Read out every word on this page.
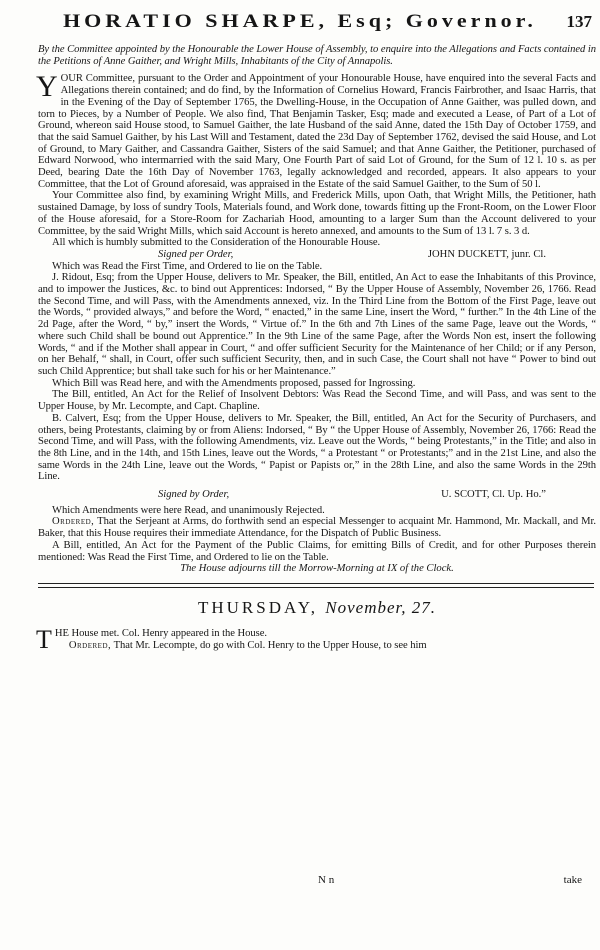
HORATIO SHARPE, Esq; Governor.	137

By the Committee appointed by the Honourable the Lower House of Assembly, to enquire into the Allegations and Facts contained in the Petitions of Anne Gaither, and Wright Mills, Inhabitants of the City of Annapolis.

YOUR Committee, pursuant to the Order and Appointment of your Honourable House, have enquired into the several Facts and Allegations therein contained; and do find, by the Information of Cornelius Howard, Francis Fairbrother, and Isaac Harris, that in the Evening of the Day of September 1765, the Dwelling-House, in the Occupation of Anne Gaither, was pulled down, and torn to Pieces, by a Number of People. We also find, That Benjamin Tasker, Esq; made and executed a Lease, of Part of a Lot of Ground, whereon said House stood, to Samuel Gaither, the late Husband of the said Anne, dated the 15th Day of October 1759, and that the said Samuel Gaither, by his Last Will and Testament, dated the 23d Day of September 1762, devised the said House, and Lot of Ground, to Mary Gaither, and Cassandra Gaither, Sisters of the said Samuel; and that Anne Gaither, the Petitioner, purchased of Edward Norwood, who intermarried with the said Mary, One Fourth Part of said Lot of Ground, for the Sum of 12 l. 10 s. as per Deed, bearing Date the 16th Day of November 1763, legally acknowledged and recorded, appears. It also appears to your Committee, that the Lot of Ground aforesaid, was appraised in the Estate of the said Samuel Gaither, to the Sum of 50 l.

Your Committee also find, by examining Wright Mills, and Frederick Mills, upon Oath, that Wright Mills, the Petitioner, hath sustained Damage, by loss of sundry Tools, Materials found, and Work done, towards fitting up the Front-Room, on the Lower Floor of the House aforesaid, for a Store-Room for Zachariah Hood, amounting to a larger Sum than the Account delivered to your Committee, by the said Wright Mills, which said Account is hereto annexed, and amounts to the Sum of 13 l. 7 s. 3 d.

All which is humbly submitted to the Consideration of the Honourable House.

Signed per Order,	JOHN DUCKETT, junr. Cl.

Which was Read the First Time, and Ordered to lie on the Table.

J. Ridout, Esq; from the Upper House, delivers to Mr. Speaker, the Bill, entitled, An Act to ease the Inhabitants of this Province, and to impower the Justices, &c. to bind out Apprentices: Indorsed, “ By the Upper House of Assembly, November 26, 1766. Read the Second Time, and will Pass, with the Amendments annexed, viz. In the Third Line from the Bottom of the First Page, leave out the Words, “ provided always,” and before the Word, “ enacted,” in the same Line, insert the Word, “ further.” In the 4th Line of the 2d Page, after the Word, “ by,” insert the Words, “ Virtue of.” In the 6th and 7th Lines of the same Page, leave out the Words, “ where such Child shall be bound out Apprentice.” In the 9th Line of the same Page, after the Words Non est, insert the following Words, “ and if the Mother shall appear in Court, “ and offer sufficient Security for the Maintenance of her Child; or if any Person, on her Behalf, “ shall, in Court, offer such sufficient Security, then, and in such Case, the Court shall not have “ Power to bind out such Child Apprentice; but shall take such for his or her Maintenance.”

Which Bill was Read here, and with the Amendments proposed, passed for Ingrossing.

The Bill, entitled, An Act for the Relief of Insolvent Debtors: Was Read the Second Time, and will Pass, and was sent to the Upper House, by Mr. Lecompte, and Capt. Chapline.

B. Calvert, Esq; from the Upper House, delivers to Mr. Speaker, the Bill, entitled, An Act for the Security of Purchasers, and others, being Protestants, claiming by or from Aliens: Indorsed, “ By “ the Upper House of Assembly, November 26, 1766: Read the Second Time, and will Pass, with the following Amendments, viz. Leave out the Words, “ being Protestants,” in the Title; and also in the 8th Line, and in the 14th, and 15th Lines, leave out the Words, “ a Protestant “ or Protestants;” and in the 21st Line, and also the same Words in the 24th Line, leave out the Words, “ Papist or Papists or,” in the 28th Line, and also the same Words in the 29th Line.

Signed by Order,	U. SCOTT, Cl. Up. Ho.”

Which Amendments were here Read, and unanimously Rejected.

Ordered, That the Serjeant at Arms, do forthwith send an especial Messenger to acquaint Mr. Hammond, Mr. Mackall, and Mr. Baker, that this House requires their immediate Attendance, for the Dispatch of Public Business.

A Bill, entitled, An Act for the Payment of the Public Claims, for emitting Bills of Credit, and for other Purposes therein mentioned: Was Read the First Time, and Ordered to lie on the Table.

The House adjourns till the Morrow-Morning at IX of the Clock.
THURSDAY, November, 27.

THE House met. Col. Henry appeared in the House.

Ordered, That Mr. Lecompte, do go with Col. Henry to the Upper House, to see him

N n	take
